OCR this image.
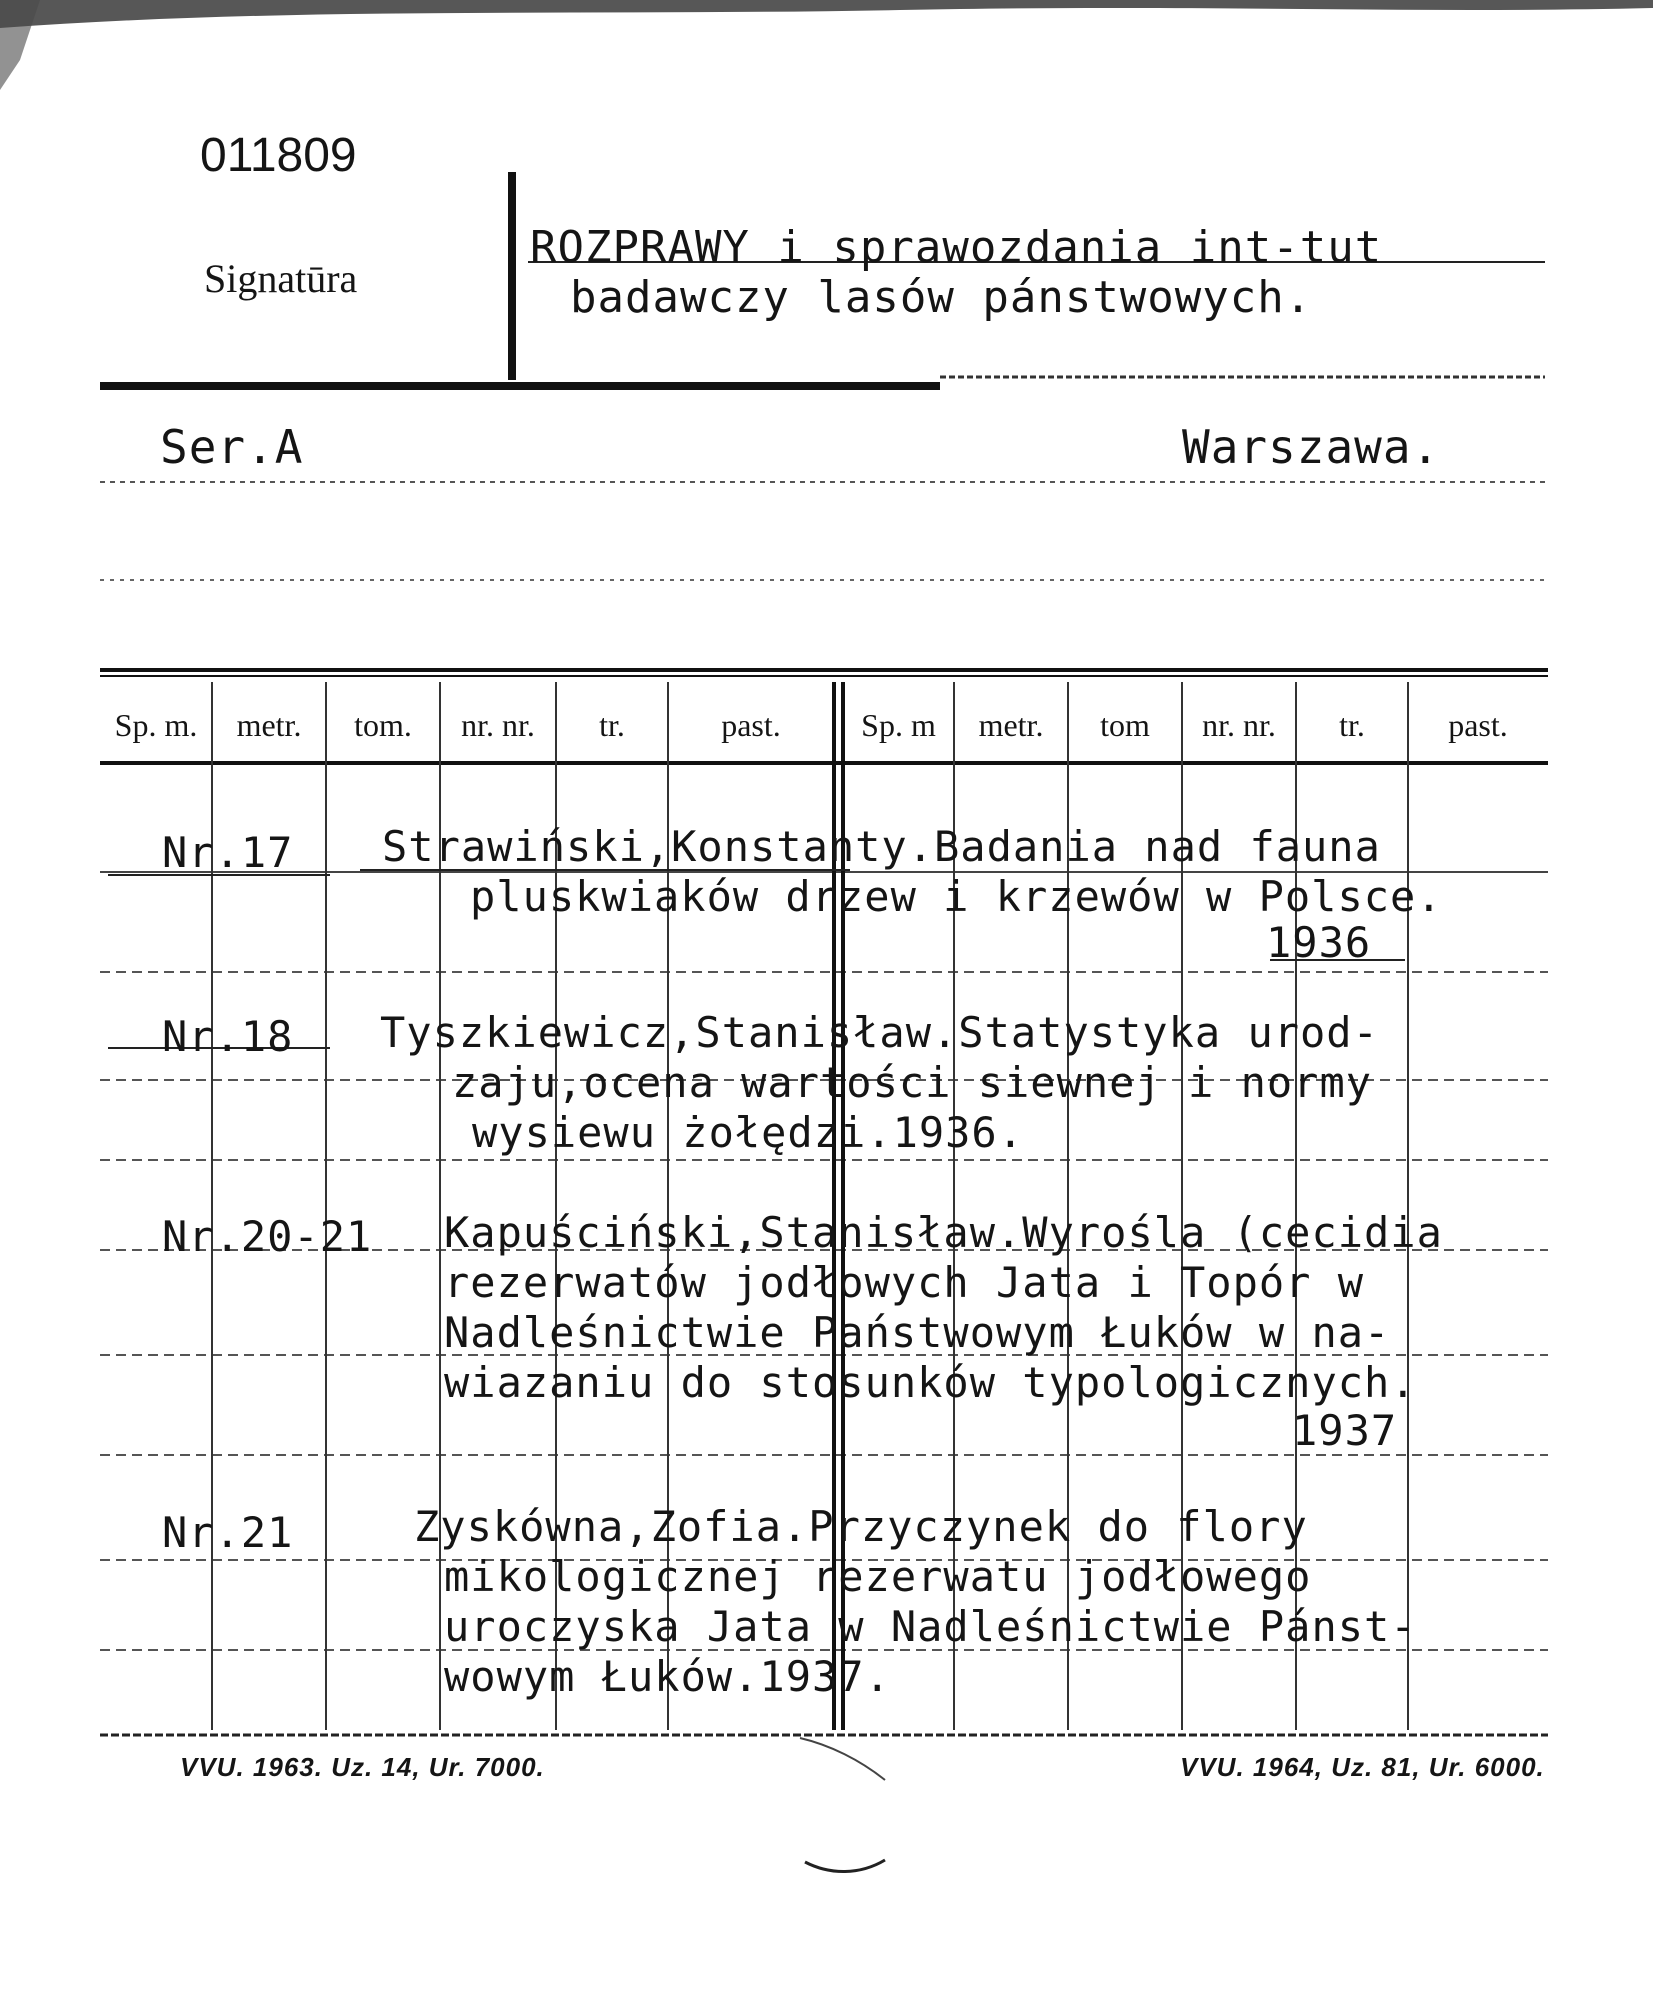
011809
Signatūra
ROZPRAWY i sprawozdania int-tut
badawczy lasów pánstwowych.
Ser.A	Warszawa.
Sp. m.	metr.	tom.	nr. nr.	tr.	past.	Sp. m	metr.	tom	nr. nr.	tr.	past.
Nr.17 Strawiński,Konstanty.Badania nad fauna
pluskwiaków drzew i krzewów w Polsce.
1936
Nr.18 Tyszkiewicz,Stanisław.Statystyka urod-
zaju,ocena wartości siewnej i normy
wysiewu żołędzi.1936.
Nr.20-21 Kapuściński,Stanisław.Wyrośla (cecidia
rezerwatów jodłowych Jata i Topór w
Nadleśnictwie Państwowym Łuków w na-
wiazaniu do stosunków typologicznych.
1937
Nr.21	Zyskówna,Zofia.Przyczynek do flory
mikologicznej rezerwatu jodłowego
uroczyska Jata w Nadleśnictwie Pánst-
wowym Łuków.1937.
VVU. 1963. Uz. 14, Ur. 7000.	VVU. 1964, Uz. 81, Ur. 6000.
